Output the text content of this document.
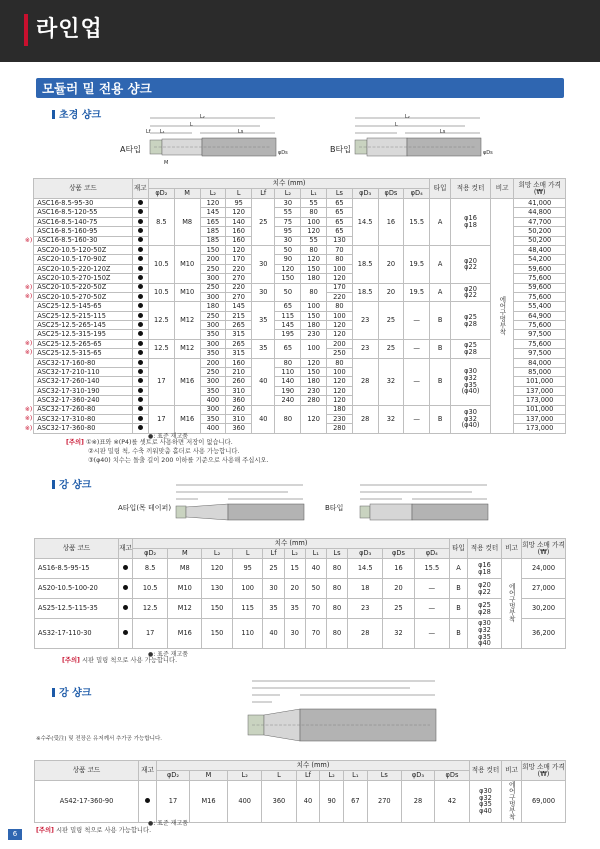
라인업
모듈러 밀 전용 샹크
초경 샹크
A타입	B타입
L₂
L
L₁	Ls
Lf
M
φDs
L₂
L
Ls
φDs
	상품 코드	재고	치수 (mm)											타입	적용 컷터	비고	희망 소매 가격(₩)
			φD₂	M	L₂	L	Lf	L₂	L₁	Ls	φD₃	φDs	φD₄				
	ASC16-8.5-95-30		8.5	M8	120	95	25	30	55	65	14.5	16	15.5	A	φ16
φ18	에어구멍부착	41,000
	ASC16-8.5-120-55				145	120		55	80	65							44,800
	ASC16-8.5-140-75				165	140		75	100	65							47,700
	ASC16-8.5-160-95				185	160		95	120	65							50,200
※)	ASC16-8.5-160-30				185	160		30	55	130							50,200
	ASC20-10.5-120-50Z		10.5	M10	150	120	30	50	80	70	18.5	20	19.5	A	φ20
φ22		48,400
	ASC20-10.5-170-90Z				200	170		90	120	80							54,200
	ASC20-10.5-220-120Z				250	220		120	150	100							59,600
	ASC20-10.5-270-150Z				300	270		150	180	120							75,600
※)	ASC20-10.5-220-50Z		10.5	M10	250	220	30	50	80	170	18.5	20	19.5	A	φ20
φ22		59,600
※)	ASC20-10.5-270-50Z				300	270				220							75,600
	ASC25-12.5-145-65		12.5	M12	180	145	35	65	100	80	23	25	—	B	φ25
φ28		55,400
	ASC25-12.5-215-115				250	215		115	150	100							64,900
	ASC25-12.5-265-145				300	265		145	180	120							75,600
	ASC25-12.5-315-195				350	315		195	230	120							97,500
※)	ASC25-12.5-265-65		12.5	M12	300	265	35	65	100	200	23	25	—	B	φ25
φ28		75,600
※)	ASC25-12.5-315-65				350	315				250							97,500
	ASC32-17-160-80		17	M16	200	160	40	80	120	80	28	32	—	B	φ30
φ32
φ35
(φ40)		84,000
	ASC32-17-210-110				250	210		110	150	100							85,000
	ASC32-17-260-140				300	260		140	180	120							101,000
	ASC32-17-310-190				350	310		190	230	120							137,000
	ASC32-17-360-240				400	360		240	280	120							173,000
※)	ASC32-17-260-80		17	M16	300	260	40	80	120	180	28	32	—	B	φ30
φ32
(φ40)		101,000
※)	ASC32-17-310-80				350	310				230							137,000
※)	ASC32-17-360-80				400	360				280							173,000
●: 표준 재고품
[주의] ①※)표와 ※(P4)를 셋트로 사용하면 저장이 없습니다.
②시판 밀링 척, 수축 끼워맞춤 홀더로 사용 가능합니다.
③(φ40) 치수는 돌출 길이 200 이하를 기준으로 사용해 주십시오.
강 샹크
A타입(목 테이퍼)	B타입
상품 코드	재고	치수 (mm)											타입	적용 컷터	비고	희망 소매 가격(₩)
		φD₂	M	L₂	L	Lf	L₂	L₁	Ls	φD₃	φDs	φD₄				
AS16-8.5-95-15		8.5	M8	120	95	25	15	40	80	14.5	16	15.5	A	φ16
φ18	에어구멍부착	24,000
AS20-10.5-100-20		10.5	M10	130	100	30	20	50	80	18	20	—	B	φ20
φ22		27,000
AS25-12.5-115-35		12.5	M12	150	115	35	35	70	80	23	25	—	B	φ25
φ28		30,200
AS32-17-110-30		17	M16	150	110	40	30	70	80	28	32	—	B	φ30
φ32
φ35
φ40		36,200
●: 표준 재고품
[주의] 시판 밀링 척으로 사용 가능합니다.
강 샹크
※수주(受注) 및 전장은 유저께서 추가공 가능합니다.
상품 코드	재고	치수 (mm)										적용 컷터	비고	희망 소매 가격(₩)
		φD₂	M	L₂	L	Lf	L₂	L₁	Ls	φD₃	φDs			
AS42-17-360-90		17	M16	400	360	40	90	67	270	28	42	φ30
φ32
φ35
φ40	에어구멍부착	69,000
●: 표준 재고품
[주의] 시판 밀링 척으로 사용 가능합니다.
6
